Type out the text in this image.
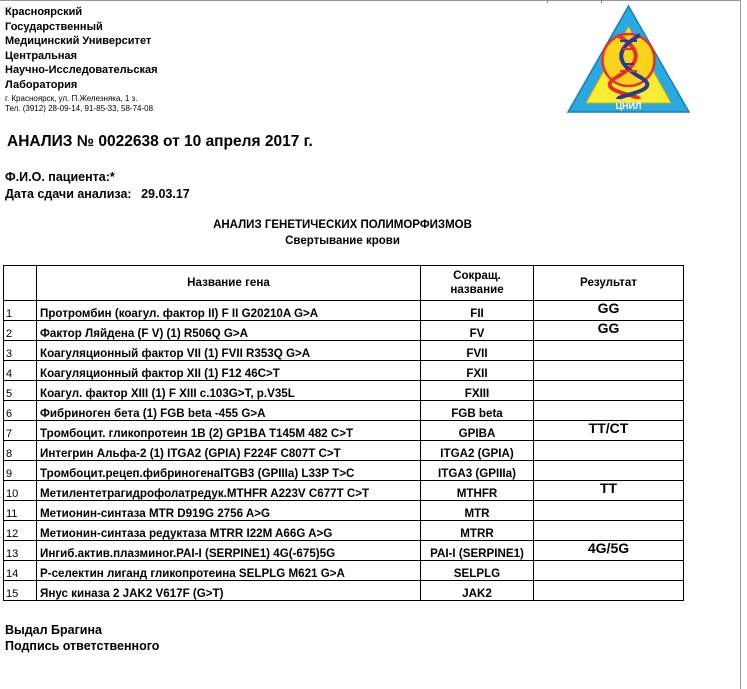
Красноярский
Государственный
Медицинский Университет
Центральная
Научно-Исследовательская
Лаборатория
г. Красноярск, ул. П.Железняка, 1 з.
Тел. (3912) 28-09-14, 91-85-33, 58-74-08	ЦНИЛ
АНАЛИЗ № 0022638 от 10 апреля 2017 г.
Ф.И.О. пациента:*
Дата сдачи анализа: 29.03.17
АНАЛИЗ ГЕНЕТИЧЕСКИХ ПОЛИМОРФИЗМОВ
Свертывание крови
	Название гена	Сокращ.
название	Результат
1	Протромбин (коагул. фактор II) F II G20210A G>A	FII	GG
2	Фактор Ляйдена (F V) (1) R506Q G>A	FV	GG
3	Коагуляционный фактор VII (1) FVII R353Q G>A	FVII	
4	Коагуляционный фактор XII (1) F12 46C>T	FXII	
5	Коагул. фактор XIII (1) F XIII c.103G>T, p.V35L	FXIII	
6	Фибриноген бета (1) FGB beta -455 G>A	FGB beta	
7	Тромбоцит. гликопротеин 1B (2) GP1BA T145M 482 C>T	GPIBA	TT/CT
8	Интегрин Альфа-2 (1) ITGA2 (GPIA) F224F C807T C>T	ITGA2 (GPIA)	
9	Тромбоцит.рецеп.фибриногенаITGB3 (GPIIIa) L33P T>C	ITGA3 (GPIIIa)	
10	Метилентетрагидрофолатредук.MTHFR A223V C677T C>T	MTHFR	TT
11	Метионин-синтаза MTR D919G 2756 A>G	MTR	
12	Метионин-синтаза редуктаза MTRR I22M A66G A>G	MTRR	
13	Ингиб.актив.плазминог.PAI-I (SERPINE1) 4G(-675)5G	PAI-I (SERPINE1)	4G/5G
14	Р-селектин лиганд гликопротеина SELPLG M621 G>A	SELPLG	
15	Янус киназа 2 JAK2 V617F (G>T)	JAK2	
Выдал Брагина
Подпись ответственного
